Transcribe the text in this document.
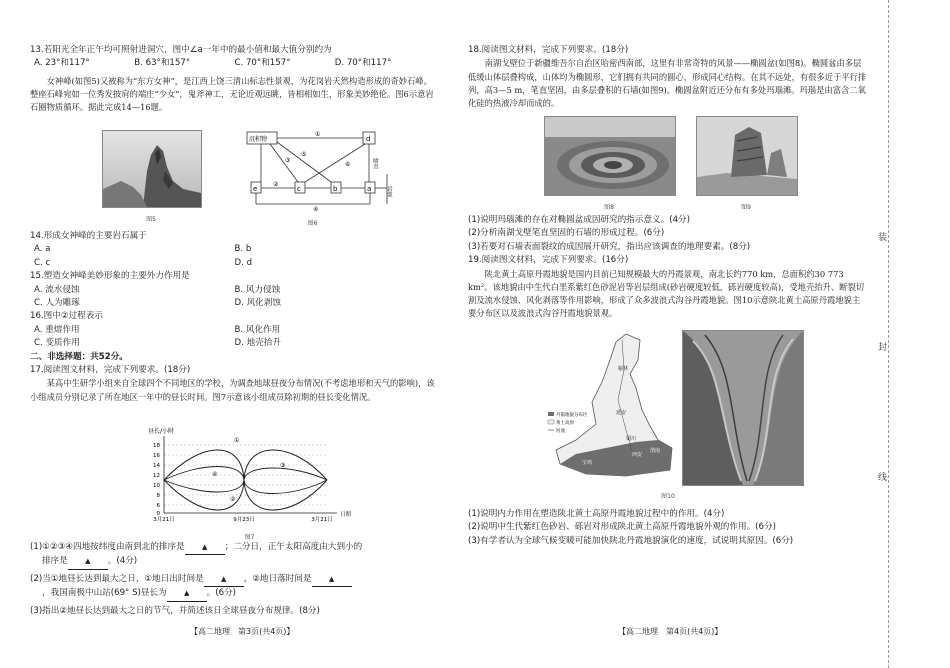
13.若阳光全年正午均可照射进洞穴，图中∠a一年中的最小值和最大值分别约为

A. 23°和117°	B. 63°和157°	C. 70°和157°	D. 70°和117°

女神峰(如图5)又被称为“东方女神”，是江西上饶三清山标志性景观，为花岗岩天然构造形成的奇妙石峰。整座石峰宛如一位秀发披肩的端庄“少女”，鬼斧神工，无论近观远眺，皆相相如生，形象美妙绝伦。图6示意岩石圈物质循环。据此完成14—16题。

图5
沉积物	d
e	c	b	a	岩浆
喷出
①
②
③
④
⑤
⑥
图6

14.形成女神峰的主要岩石属于

A. a	B. b
C. c	D. d

15.塑造女神峰美妙形象的主要外力作用是

A. 流水侵蚀	B. 风力侵蚀
C. 人为雕琢	D. 风化剥蚀

16.图中②过程表示

A. 重熔作用	B. 风化作用
C. 变质作用	D. 地壳抬升

二、非选择题：共52分。

17.阅读图文材料，完成下列要求。(18分)

某高中生研学小组来自全球四个不同地区的学校，为调查地球昼夜分布情况(不考虑地形和天气的影响)，该小组成员分别记录了所在地区一年中的昼长时间。图7示意该小组成员除初期的昼长变化情况。

昼长/小时
18
16
14
12
10
8
6
0
①
②
③
④
3月21日	9月23日	3月21日
日期
图7

(1)①②③④四地按纬度由南到北的排序是 ▲ ；二分日，正午太阳高度由大到小的

排序是 ▲ 。(4分)

(2)当①地昼长达到最大之日，①地日出时间是 ▲ ，②地日落时间是 ▲

，我国南极中山站(69° S)昼长为 ▲ 。(6分)

(3)指出②地昼长达到最大之日的节气，并简述该日全球昼夜分布规律。(8分)

【高二地理　第3页(共4页)】

18.阅读图文材料，完成下列要求。(18分)

南湖戈壁位于新疆维吾尔自治区哈密西南部，这里有非常奇特的风景——椭圆盆(如图8)。椭圆盆由多层低缓山体层叠构成，山体均为椭圆形，它们拥有共同的圆心，形成同心结构。在其不远处，有很多近于平行排列，高3—5 m，笔直坚固，由多层叠积的石墙(如图9)。椭圆盆附近还分布有多处玛瑙滩。玛瑙是由富含二氧化硅的热液冷却而成的。

图8	图9

(1)说明玛瑙滩的存在对椭圆盆成因研究的指示意义。(4分)

(2)分析南湖戈壁笔直坚固的石墙的形成过程。(6分)

(3)若要对石墙表面裂纹的成因展开研究，指出应该调查的地理要素。(8分)

19.阅读图文材料，完成下列要求。(16分)

陕北黄土高原丹霞地貌是国内目前已知规模最大的丹霞景观，南北长约770 km，总面积约30 773 km²。该地貌由中生代白垩系紫红色砂泥岩等岩层组成(砂岩硬度较低，砾岩硬度较高)，受地壳抬升、断裂切割及流水侵蚀、风化剥落等作用影响，形成了众多波浪式沟谷丹霞地貌。图10示意陕北黄土高原丹霞地貌主要分布区以及波浪式沟谷丹霞地貌景观。

榆林
延安
铜川
西安
宝鸡
渭南
丹霞地貌分布区
黄土高原
河流
图10

(1)说明内力作用在塑造陕北黄土高原丹霞地貌过程中的作用。(4分)

(2)说明中生代紫红色砂岩、砾岩对形成陕北黄土高原丹霞地貌外观的作用。(6分)

(3)有学者认为全球气候变暖可能加快陕北丹霞地貌演化的速度，试说明其原因。(6分)

【高二地理　第4页(共4页)】
装
封
线
